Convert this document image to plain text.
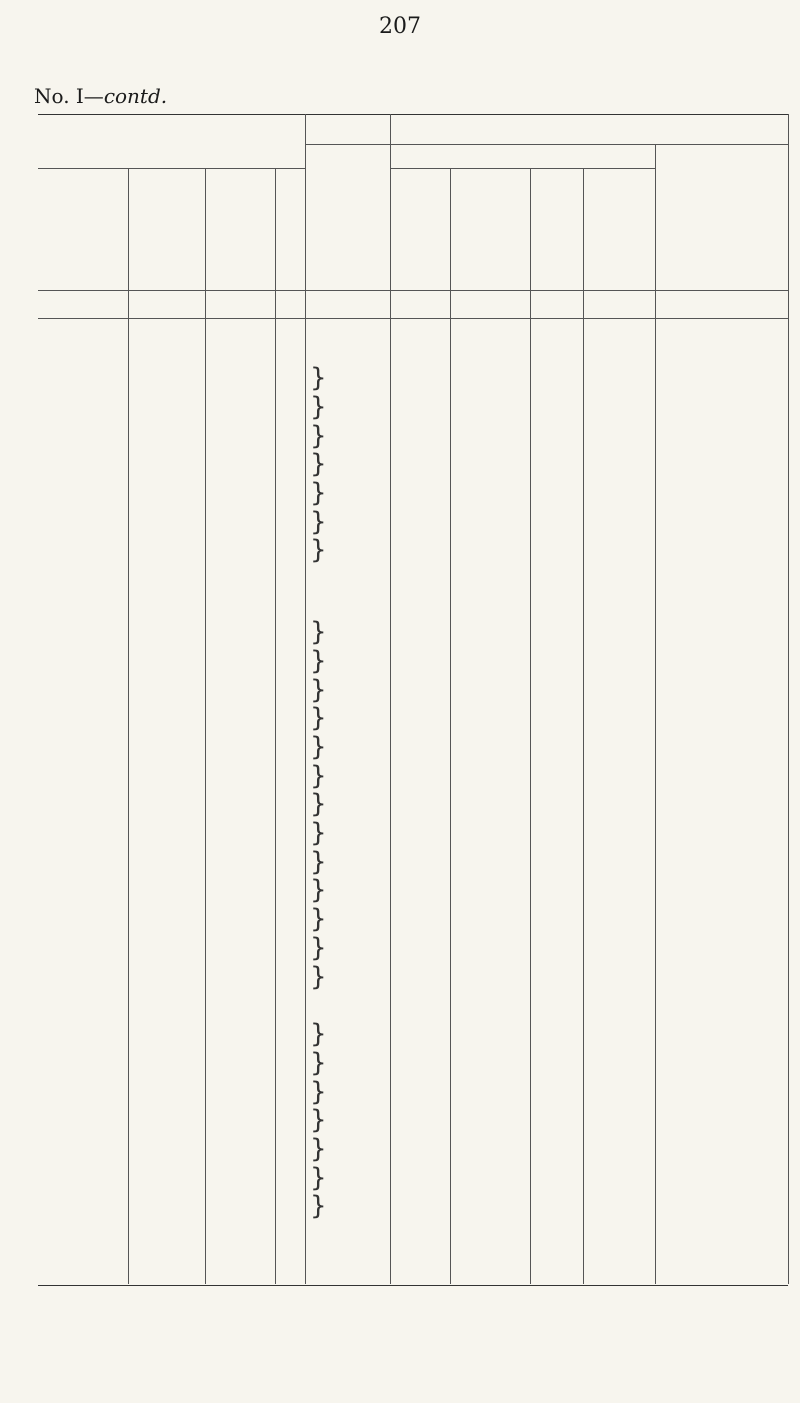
207
No. I—contd.
}
}
}
}
}
}
}
}
}
}
}
}
}
}
}
}
}
}
}
}
}
}
}
}
}
}
}
